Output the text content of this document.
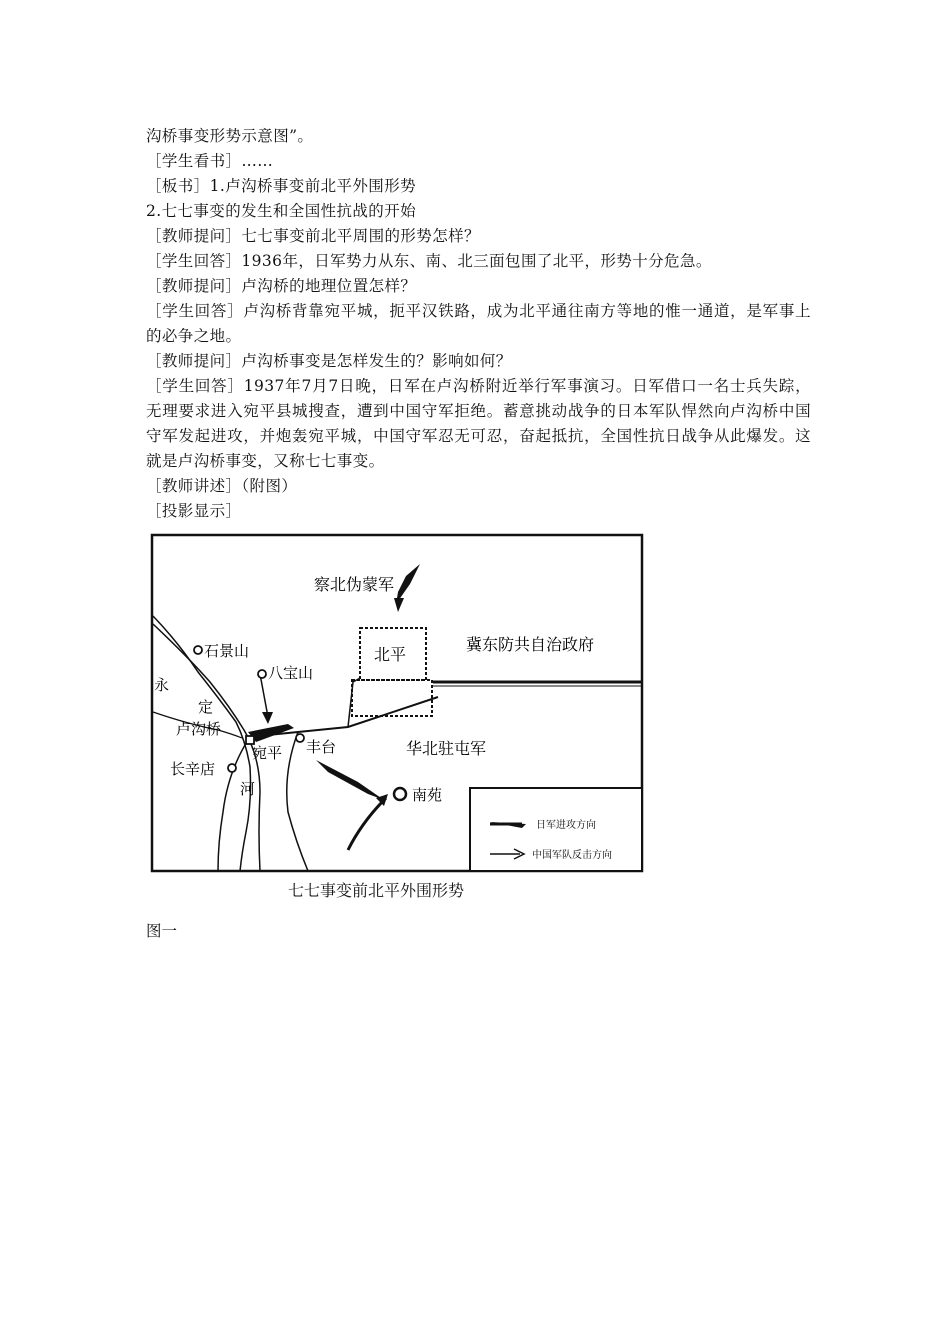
沟桥事变形势示意图”。

［学生看书］……

［板书］1.卢沟桥事变前北平外围形势

2.七七事变的发生和全国性抗战的开始

［教师提问］七七事变前北平周围的形势怎样？

［学生回答］1936年，日军势力从东、南、北三面包围了北平，形势十分危急。

［教师提问］卢沟桥的地理位置怎样？

［学生回答］卢沟桥背靠宛平城，扼平汉铁路，成为北平通往南方等地的惟一通道，是军事上的必争之地。

［教师提问］卢沟桥事变是怎样发生的？影响如何？

［学生回答］1937年7月7日晚，日军在卢沟桥附近举行军事演习。日军借口一名士兵失踪，无理要求进入宛平县城搜查，遭到中国守军拒绝。蓄意挑动战争的日本军队悍然向卢沟桥中国守军发起进攻，并炮轰宛平城，中国守军忍无可忍，奋起抵抗，全国性抗日战争从此爆发。这就是卢沟桥事变，又称七七事变。

［教师讲述］（附图）

［投影显示］

察北伪蒙军
北平
冀东防共自治政府
石景山
八宝山
永
定
卢沟桥
宛平 丰台	华北驻屯军
长辛店
河	南苑
日军进攻方向
中国军队反击方向
七七事变前北平外围形势
图一
